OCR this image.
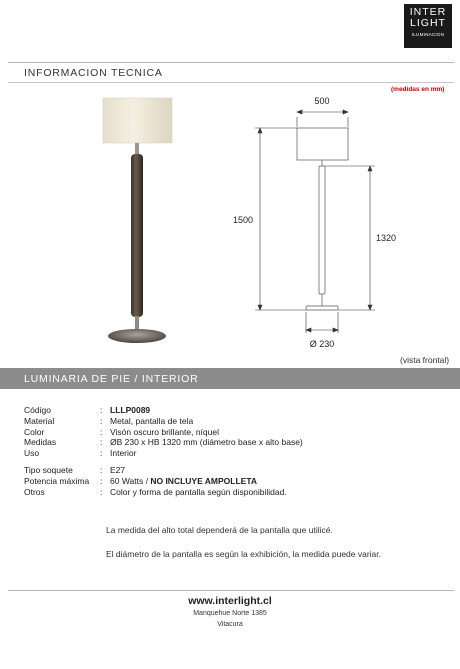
INTER
LIGHT
ILUMINACION
INFORMACION TECNICA
(medidas en mm)
500
1500
1320
Ø 230
(vista frontal)
LUMINARIA DE PIE / INTERIOR
Código	: LLLP0089
Material	: Metal, pantalla de tela
Color	: Visón oscuro brillante, níquel
Medidas	: ØB 230 x HB 1320 mm (diámetro base x alto base)
Uso	: Interior
Tipo soquete	: E27
Potencia máxima : 60 Watts / NO INCLUYE AMPOLLETA
Otros	: Color y forma de pantalla según disponibilidad.
La medida del alto total dependerá de la pantalla que utilicé.
El diámetro de la pantalla es según la exhibición, la medida puede variar.
www.interlight.cl
Manquehue Norte 1385
Vitacura
